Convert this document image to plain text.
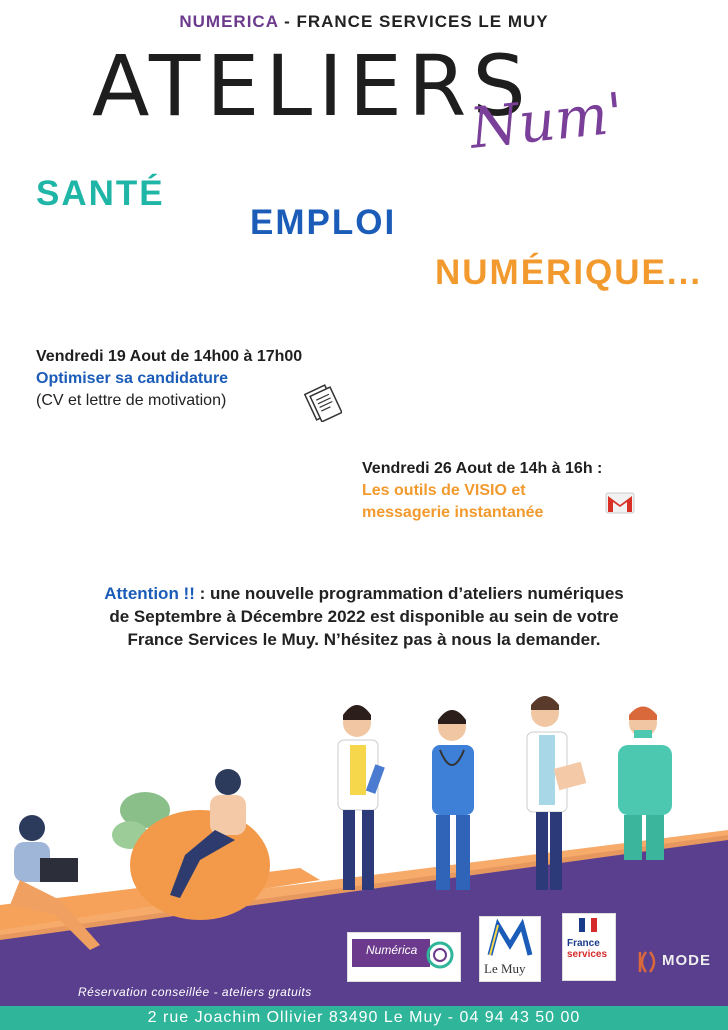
NUMERICA - FRANCE SERVICES LE MUY
ATELIERS
Num'
SANTÉ
EMPLOI
NUMÉRIQUE...
Vendredi 19 Aout de 14h00 à 17h00
Optimiser sa candidature
(CV et lettre de motivation)
Vendredi 26 Aout de 14h à 16h :
Les outils de VISIO et
messagerie instantanée
Attention !! : une nouvelle programmation d’ateliers numériques
de Septembre à Décembre 2022 est disponible au sein de votre
France Services le Muy. N’hésitez pas à nous la demander.
Numérica
Le Muy
France
services	MODE
Réservation conseillée - ateliers gratuits
2 rue Joachim Ollivier 83490 Le Muy - 04 94 43 50 00
